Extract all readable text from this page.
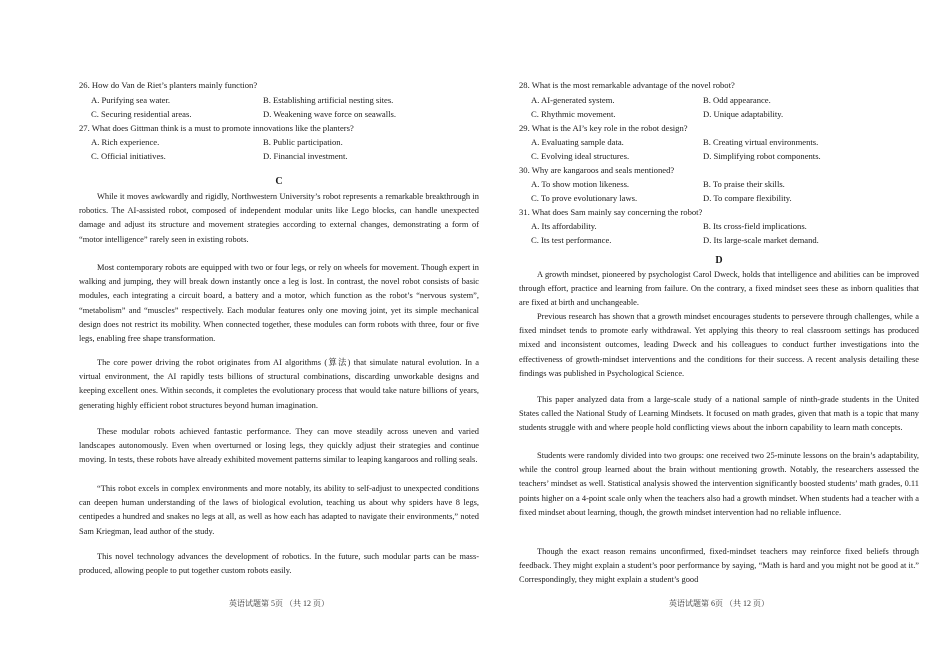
26. How do Van de Riet’s planters mainly function?
A. Purifying sea water.	B. Establishing artificial nesting sites.
C. Securing residential areas.	D. Weakening wave force on seawalls.
27. What does Gittman think is a must to promote innovations like the planters?
A. Rich experience.	B. Public participation.
C. Official initiatives.	D. Financial investment.
C

While it moves awkwardly and rigidly, Northwestern University’s robot represents a remarkable breakthrough in robotics. The AI-assisted robot, composed of independent modular units like Lego blocks, can handle unexpected damage and adjust its structure and movement strategies according to external changes, demonstrating a form of “motor intelligence” rarely seen in existing robots.

Most contemporary robots are equipped with two or four legs, or rely on wheels for movement. Though expert in walking and jumping, they will break down instantly once a leg is lost. In contrast, the novel robot consists of basic modules, each integrating a circuit board, a battery and a motor, which function as the robot’s “nervous system”, “metabolism” and “muscles” respectively. Each modular features only one moving joint, yet its simple mechanical design does not restrict its mobility. When connected together, these modules can form robots with three, four or five legs, enabling free shape transformation.

The core power driving the robot originates from AI algorithms (算法) that simulate natural evolution. In a virtual environment, the AI rapidly tests billions of structural combinations, discarding unworkable designs and keeping excellent ones. Within seconds, it completes the evolutionary process that would take nature billions of years, generating highly efficient robot structures beyond human imagination.

These modular robots achieved fantastic performance. They can move steadily across uneven and varied landscapes autonomously. Even when overturned or losing legs, they quickly adjust their strategies and continue moving. In tests, these robots have already exhibited movement patterns similar to leaping kangaroos and rolling seals.

“This robot excels in complex environments and more notably, its ability to self-adjust to unexpected conditions can deepen human understanding of the laws of biological evolution, teaching us about why spiders have 8 legs, centipedes a hundred and snakes no legs at all, as well as how each has adapted to navigate their environments,” noted Sam Kriegman, lead author of the study.

This novel technology advances the development of robotics. In the future, such modular parts can be mass-produced, allowing people to put together custom robots easily.

英语试题第 5页 （共 12 页）
28. What is the most remarkable advantage of the novel robot?
A. AI-generated system.	B. Odd appearance.
C. Rhythmic movement.	D. Unique adaptability.
29. What is the AI’s key role in the robot design?
A. Evaluating sample data.	B. Creating virtual environments.
C. Evolving ideal structures.	D. Simplifying robot components.
30. Why are kangaroos and seals mentioned?
A. To show motion likeness.	B. To praise their skills.
C. To prove evolutionary laws.	D. To compare flexibility.
31. What does Sam mainly say concerning the robot?
A. Its affordability.	B. Its cross-field implications.
C. Its test performance.	D. Its large-scale market demand.
D

A growth mindset, pioneered by psychologist Carol Dweck, holds that intelligence and abilities can be improved through effort, practice and learning from failure. On the contrary, a fixed mindset sees these as inborn qualities that are fixed at birth and unchangeable.

Previous research has shown that a growth mindset encourages students to persevere through challenges, while a fixed mindset tends to promote early withdrawal. Yet applying this theory to real classroom settings has produced mixed and inconsistent outcomes, leading Dweck and his colleagues to conduct further investigations into the effectiveness of growth-mindset interventions and the conditions for their success. A recent analysis detailing these findings was published in Psychological Science.

This paper analyzed data from a large-scale study of a national sample of ninth-grade students in the United States called the National Study of Learning Mindsets. It focused on math grades, given that math is a topic that many students struggle with and where people hold conflicting views about the inborn capability to learn math concepts.

Students were randomly divided into two groups: one received two 25-minute lessons on the brain’s adaptability, while the control group learned about the brain without mentioning growth. Notably, the researchers assessed the teachers’ mindset as well. Statistical analysis showed the intervention significantly boosted students’ math grades, 0.11 points higher on a 4-point scale only when the teachers also had a growth mindset. When students had a teacher with a fixed mindset about learning, though, the growth mindset intervention had no reliable influence.

Though the exact reason remains unconfirmed, fixed-mindset teachers may reinforce fixed beliefs through feedback. They might explain a student’s poor performance by saying, “Math is hard and you might not be good at it.” Correspondingly, they might explain a student’s good

英语试题第 6页 （共 12 页）
